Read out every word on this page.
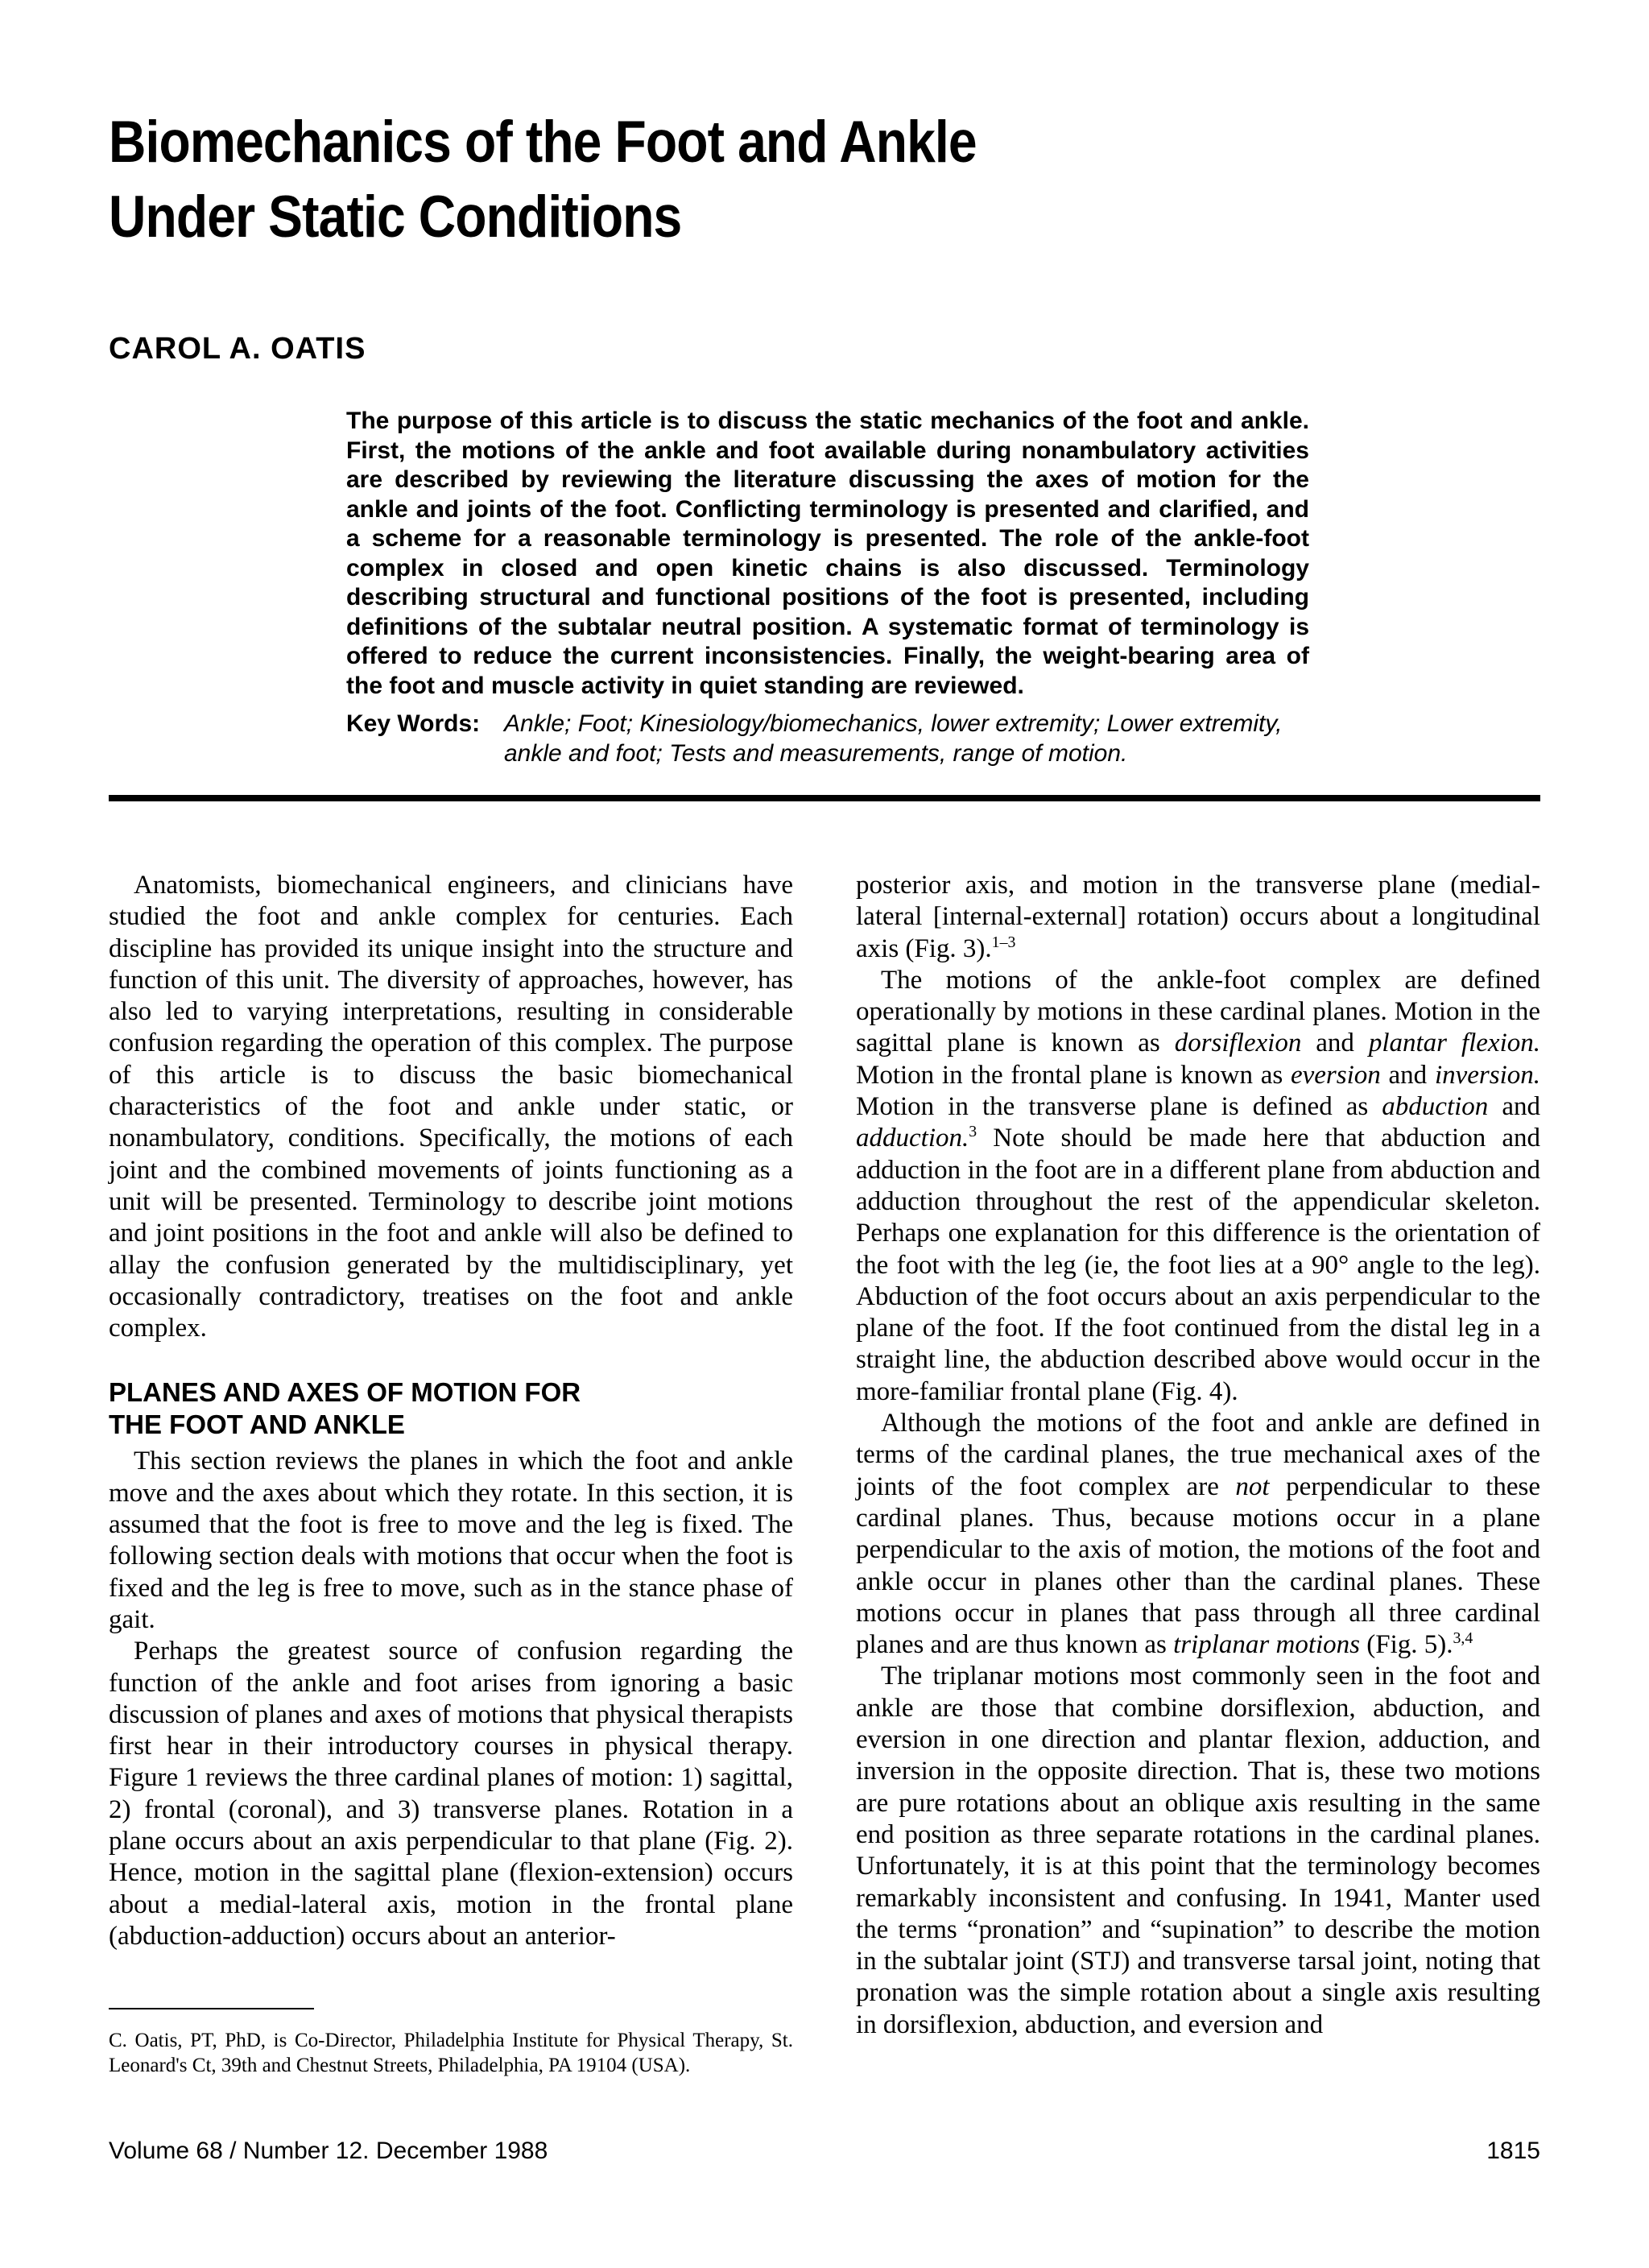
Biomechanics of the Foot and Ankle
Under Static Conditions
CAROL A. OATIS
The purpose of this article is to discuss the static mechanics of the foot and ankle. First, the motions of the ankle and foot available during nonambulatory activities are described by reviewing the literature discussing the axes of motion for the ankle and joints of the foot. Conflicting terminology is presented and clarified, and a scheme for a reasonable terminology is presented. The role of the ankle-foot complex in closed and open kinetic chains is also discussed. Terminology describing structural and functional positions of the foot is presented, including definitions of the subtalar neutral position. A systematic format of terminology is offered to reduce the current inconsistencies. Finally, the weight-bearing area of the foot and muscle activity in quiet standing are reviewed.
Key Words: Ankle; Foot; Kinesiology/biomechanics, lower extremity; Lower extremity, ankle and foot; Tests and measurements, range of motion.

Anatomists, biomechanical engineers, and clinicians have studied the foot and ankle complex for centuries. Each discipline has provided its unique insight into the structure and function of this unit. The diversity of approaches, however, has also led to varying interpretations, resulting in considerable confusion regarding the operation of this complex. The purpose of this article is to discuss the basic biomechanical characteristics of the foot and ankle under static, or nonambulatory, conditions. Specifically, the motions of each joint and the combined movements of joints functioning as a unit will be presented. Terminology to describe joint motions and joint positions in the foot and ankle will also be defined to allay the confusion generated by the multidisciplinary, yet occasionally contradictory, treatises on the foot and ankle complex.

PLANES AND AXES OF MOTION FOR
THE FOOT AND ANKLE

This section reviews the planes in which the foot and ankle move and the axes about which they rotate. In this section, it is assumed that the foot is free to move and the leg is fixed. The following section deals with motions that occur when the foot is fixed and the leg is free to move, such as in the stance phase of gait.

Perhaps the greatest source of confusion regarding the function of the ankle and foot arises from ignoring a basic discussion of planes and axes of motions that physical therapists first hear in their introductory courses in physical therapy. Figure 1 reviews the three cardinal planes of motion: 1) sagittal, 2) frontal (coronal), and 3) transverse planes. Rotation in a plane occurs about an axis perpendicular to that plane (Fig. 2). Hence, motion in the sagittal plane (flexion-extension) occurs about a medial-lateral axis, motion in the frontal plane (abduction-adduction) occurs about an anterior-

C. Oatis, PT, PhD, is Co-Director, Philadelphia Institute for Physical Therapy, St. Leonard's Ct, 39th and Chestnut Streets, Philadelphia, PA 19104 (USA).

posterior axis, and motion in the transverse plane (medial-lateral [internal-external] rotation) occurs about a longitudinal axis (Fig. 3).$^{1-3}$

The motions of the ankle-foot complex are defined operationally by motions in these cardinal planes. Motion in the sagittal plane is known as dorsiflexion and plantar flexion. Motion in the frontal plane is known as eversion and inversion. Motion in the transverse plane is defined as abduction and adduction.$^3$ Note should be made here that abduction and adduction in the foot are in a different plane from abduction and adduction throughout the rest of the appendicular skeleton. Perhaps one explanation for this difference is the orientation of the foot with the leg (ie, the foot lies at a 90° angle to the leg). Abduction of the foot occurs about an axis perpendicular to the plane of the foot. If the foot continued from the distal leg in a straight line, the abduction described above would occur in the more-familiar frontal plane (Fig. 4).

Although the motions of the foot and ankle are defined in terms of the cardinal planes, the true mechanical axes of the joints of the foot complex are not perpendicular to these cardinal planes. Thus, because motions occur in a plane perpendicular to the axis of motion, the motions of the foot and ankle occur in planes other than the cardinal planes. These motions occur in planes that pass through all three cardinal planes and are thus known as triplanar motions (Fig. 5).$^{3,4}$

The triplanar motions most commonly seen in the foot and ankle are those that combine dorsiflexion, abduction, and eversion in one direction and plantar flexion, adduction, and inversion in the opposite direction. That is, these two motions are pure rotations about an oblique axis resulting in the same end position as three separate rotations in the cardinal planes. Unfortunately, it is at this point that the terminology becomes remarkably inconsistent and confusing. In 1941, Manter used the terms “pronation” and “supination” to describe the motion in the subtalar joint (STJ) and transverse tarsal joint, noting that pronation was the simple rotation about a single axis resulting in dorsiflexion, abduction, and eversion and

Volume 68 / Number 12. December 1988	1815
